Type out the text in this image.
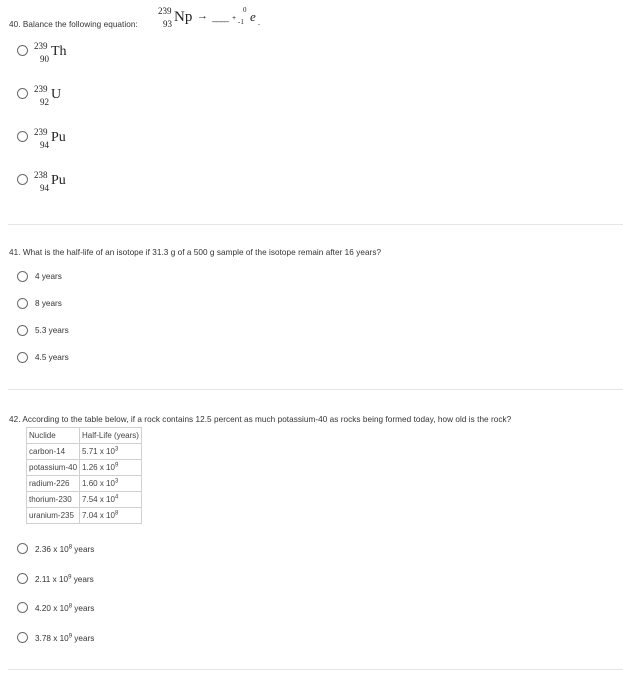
40. Balance the following equation:
239
93 Np → ____ +
0
-1 e .
239
90 Th
239
92 U
239
94 Pu
238
94 Pu
41. What is the half-life of an isotope if 31.3 g of a 500 g sample of the isotope remain after 16 years?
4 years
8 years
5.3 years
4.5 years
42. According to the table below, if a rock contains 12.5 percent as much potassium-40 as rocks being formed today, how old is the rock?
Nuclide	Half-Life (years)
carbon-14	5.71 x $10^3$
potassium-40	1.26 x $10^9$
radium-226	1.60 x $10^3$
thorium-230	7.54 x $10^4$
uranium-235	7.04 x $10^8$
2.36 x $10^8$ years
2.11 x $10^9$ years
4.20 x $10^8$ years
3.78 x $10^9$ years
